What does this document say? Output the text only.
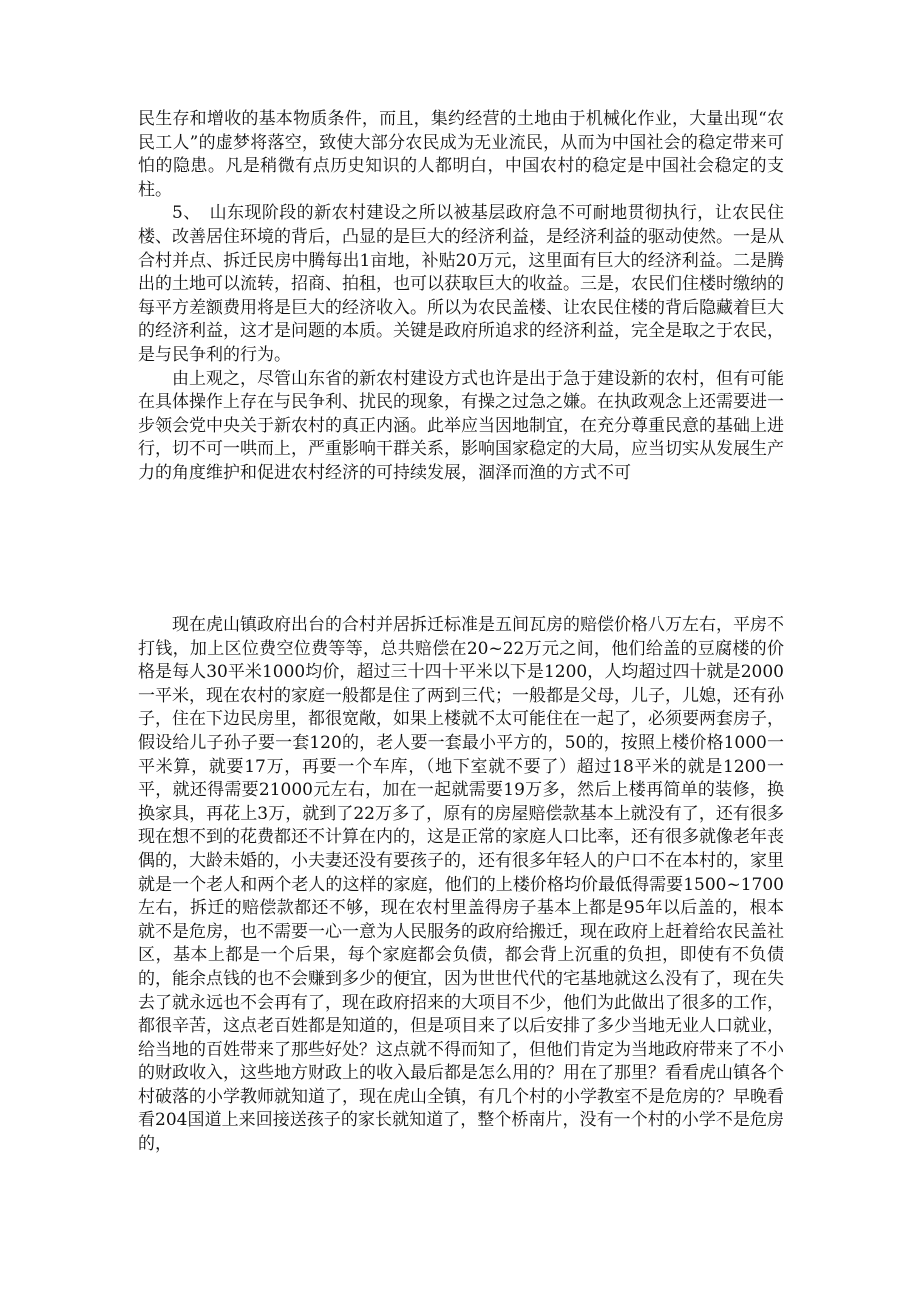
民生存和增收的基本物质条件，而且，集约经营的土地由于机械化作业，大量出现“农民工人”的虚梦将落空，致使大部分农民成为无业流民，从而为中国社会的稳定带来可怕的隐患。凡是稍微有点历史知识的人都明白，中国农村的稳定是中国社会稳定的支柱。

5、　山东现阶段的新农村建设之所以被基层政府急不可耐地贯彻执行，让农民住楼、改善居住环境的背后，凸显的是巨大的经济利益，是经济利益的驱动使然。一是从合村并点、拆迁民房中腾每出1亩地，补贴20万元，这里面有巨大的经济利益。二是腾出的土地可以流转，招商、拍租，也可以获取巨大的收益。三是，农民们住楼时缴纳的每平方差额费用将是巨大的经济收入。所以为农民盖楼、让农民住楼的背后隐藏着巨大的经济利益，这才是问题的本质。关键是政府所追求的经济利益，完全是取之于农民，是与民争利的行为。

由上观之，尽管山东省的新农村建设方式也许是出于急于建设新的农村，但有可能在具体操作上存在与民争利、扰民的现象，有操之过急之嫌。在执政观念上还需要进一步领会党中央关于新农村的真正内涵。此举应当因地制宜，在充分尊重民意的基础上进行，切不可一哄而上，严重影响干群关系，影响国家稳定的大局，应当切实从发展生产力的角度维护和促进农村经济的可持续发展，涸泽而渔的方式不可

现在虎山镇政府出台的合村并居拆迁标准是五间瓦房的赔偿价格八万左右，平房不打钱，加上区位费空位费等等，总共赔偿在20~22万元之间，他们给盖的豆腐楼的价格是每人30平米1000均价，超过三十四十平米以下是1200，人均超过四十就是2000一平米，现在农村的家庭一般都是住了两到三代；一般都是父母，儿子，儿媳，还有孙子，住在下边民房里，都很宽敞，如果上楼就不太可能住在一起了，必须要两套房子，假设给儿子孙子要一套120的，老人要一套最小平方的，50的，按照上楼价格1000一平米算，就要17万，再要一个车库，（地下室就不要了）超过18平米的就是1200一平，就还得需要21000元左右，加在一起就需要19万多，然后上楼再简单的装修，换换家具，再花上3万，就到了22万多了，原有的房屋赔偿款基本上就没有了，还有很多现在想不到的花费都还不计算在内的，这是正常的家庭人口比率，还有很多就像老年丧偶的，大龄未婚的，小夫妻还没有要孩子的，还有很多年轻人的户口不在本村的，家里就是一个老人和两个老人的这样的家庭，他们的上楼价格均价最低得需要1500~1700左右，拆迁的赔偿款都还不够，现在农村里盖得房子基本上都是95年以后盖的，根本就不是危房，也不需要一心一意为人民服务的政府给搬迁，现在政府上赶着给农民盖社区，基本上都是一个后果，每个家庭都会负债，都会背上沉重的负担，即使有不负债的，能余点钱的也不会赚到多少的便宜，因为世世代代的宅基地就这么没有了，现在失去了就永远也不会再有了，现在政府招来的大项目不少，他们为此做出了很多的工作，都很辛苦，这点老百姓都是知道的，但是项目来了以后安排了多少当地无业人口就业，给当地的百姓带来了那些好处？这点就不得而知了，但他们肯定为当地政府带来了不小的财政收入，这些地方财政上的收入最后都是怎么用的？用在了那里？看看虎山镇各个村破落的小学教师就知道了，现在虎山全镇，有几个村的小学教室不是危房的？早晚看看204国道上来回接送孩子的家长就知道了，整个桥南片，没有一个村的小学不是危房的，
